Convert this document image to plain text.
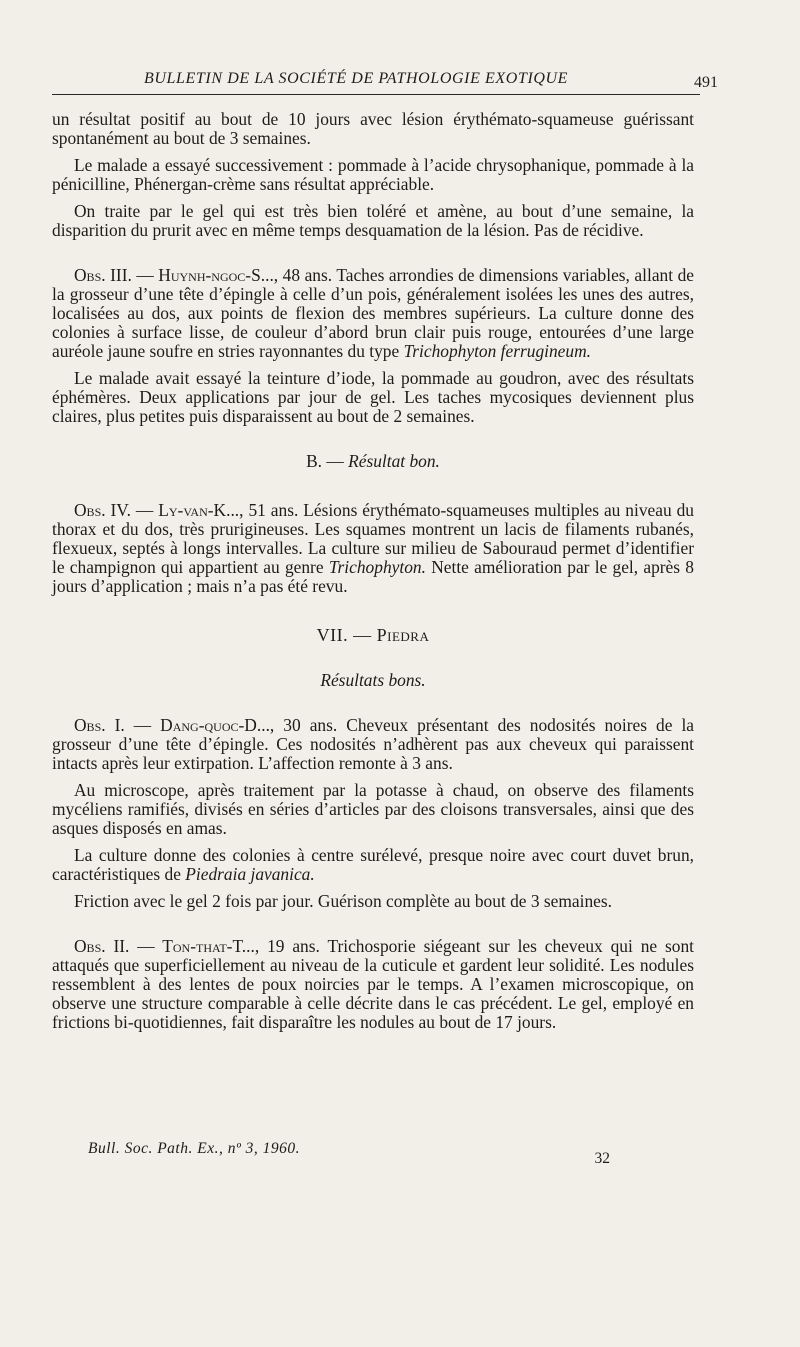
BULLETIN DE LA SOCIÉTÉ DE PATHOLOGIE EXOTIQUE	491

un résultat positif au bout de 10 jours avec lésion érythémato-squameuse guérissant spontanément au bout de 3 semaines.

Le malade a essayé successivement : pommade à l’acide chrysophanique, pommade à la pénicilline, Phénergan-crème sans résultat appréciable.

On traite par le gel qui est très bien toléré et amène, au bout d’une semaine, la disparition du prurit avec en même temps desquamation de la lésion. Pas de récidive.

Obs. III. — Huynh-ngoc-S..., 48 ans. Taches arrondies de dimensions variables, allant de la grosseur d’une tête d’épingle à celle d’un pois, généralement isolées les unes des autres, localisées au dos, aux points de flexion des membres supérieurs. La culture donne des colonies à surface lisse, de couleur d’abord brun clair puis rouge, entourées d’une large auréole jaune soufre en stries rayonnantes du type Trichophyton ferrugineum.

Le malade avait essayé la teinture d’iode, la pommade au goudron, avec des résultats éphémères. Deux applications par jour de gel. Les taches mycosiques deviennent plus claires, plus petites puis disparaissent au bout de 2 semaines.

B. — Résultat bon.

Obs. IV. — Ly-van-K..., 51 ans. Lésions érythémato-squameuses multiples au niveau du thorax et du dos, très prurigineuses. Les squames montrent un lacis de filaments rubanés, flexueux, septés à longs intervalles. La culture sur milieu de Sabouraud permet d’identifier le champignon qui appartient au genre Trichophyton. Nette amélioration par le gel, après 8 jours d’application ; mais n’a pas été revu.

VII. — Piedra

Résultats bons.

Obs. I. — Dang-quoc-D..., 30 ans. Cheveux présentant des nodosités noires de la grosseur d’une tête d’épingle. Ces nodosités n’adhèrent pas aux cheveux qui paraissent intacts après leur extirpation. L’affection remonte à 3 ans.

Au microscope, après traitement par la potasse à chaud, on observe des filaments mycéliens ramifiés, divisés en séries d’articles par des cloisons transversales, ainsi que des asques disposés en amas.

La culture donne des colonies à centre surélevé, presque noire avec court duvet brun, caractéristiques de Piedraia javanica.

Friction avec le gel 2 fois par jour. Guérison complète au bout de 3 semaines.

Obs. II. — Ton-that-T..., 19 ans. Trichosporie siégeant sur les cheveux qui ne sont attaqués que superficiellement au niveau de la cuticule et gardent leur solidité. Les nodules ressemblent à des lentes de poux noircies par le temps. A l’examen microscopique, on observe une structure comparable à celle décrite dans le cas précédent. Le gel, employé en frictions bi-quotidiennes, fait disparaître les nodules au bout de 17 jours.

Bull. Soc. Path. Ex., nº 3, 1960.
32
